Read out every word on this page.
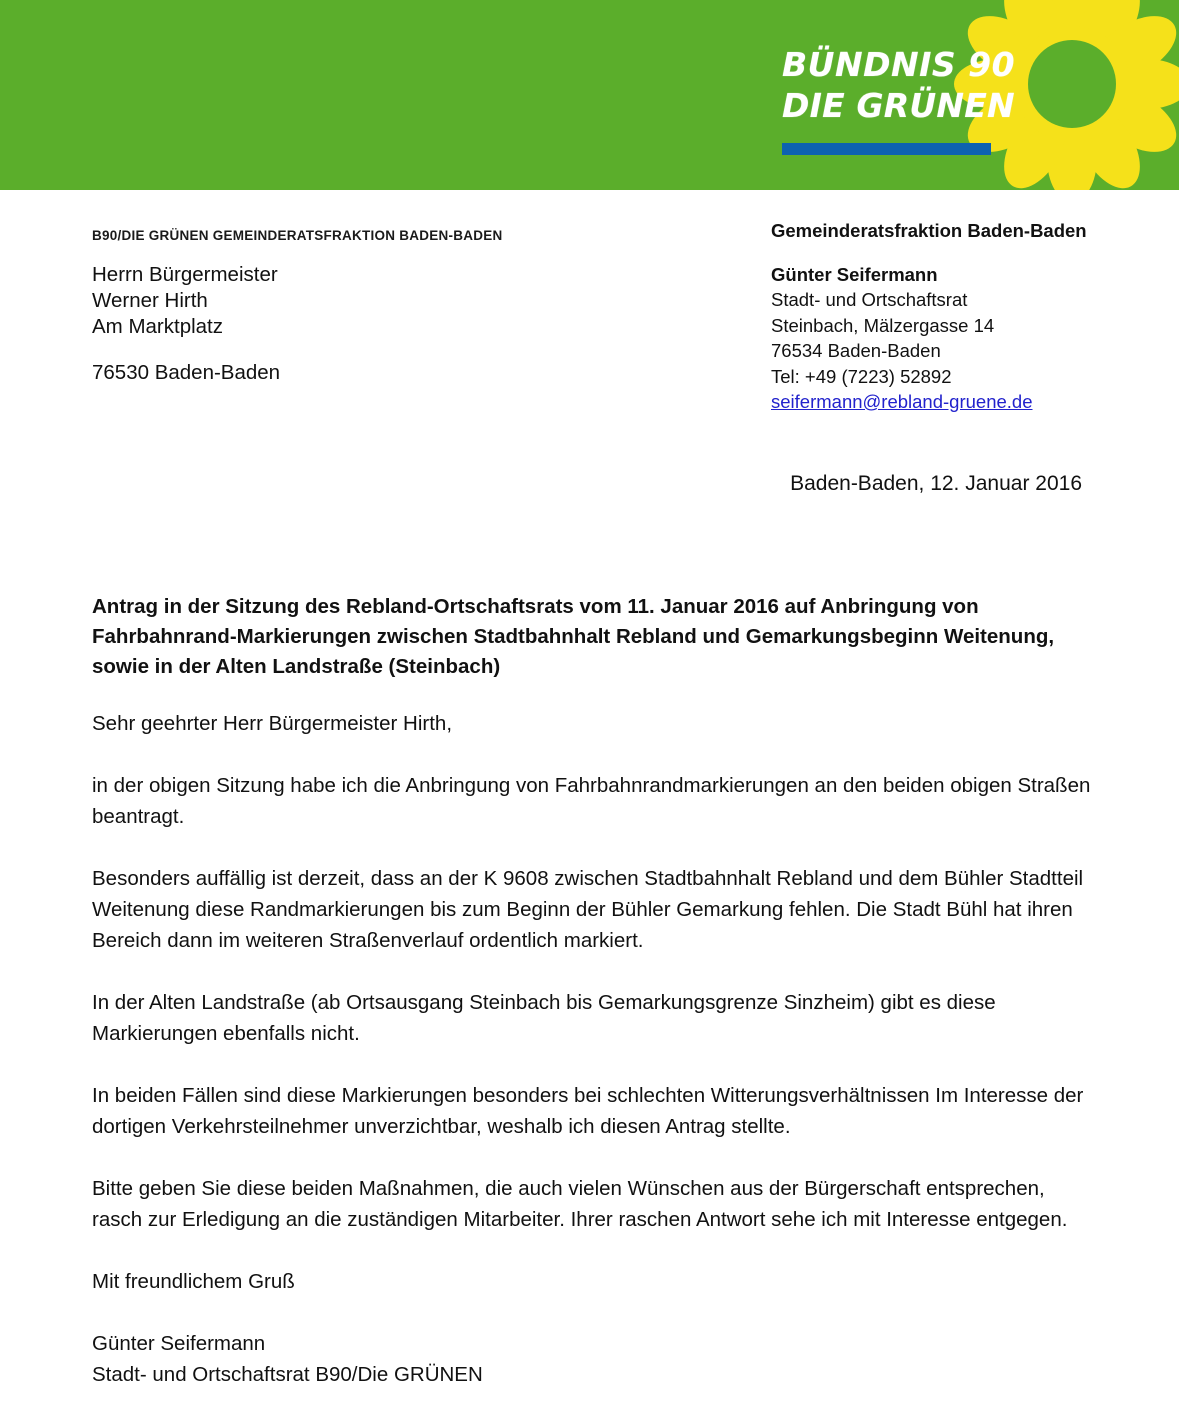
BÜNDNIS 90
DIE GRÜNEN
B90/DIE GRÜNEN GEMEINDERATSFRAKTION BADEN-BADEN
Herrn Bürgermeister
Werner Hirth
Am Marktplatz
76530 Baden-Baden
Gemeinderatsfraktion Baden-Baden
Günter Seifermann
Stadt- und Ortschaftsrat
Steinbach, Mälzergasse 14
76534 Baden-Baden
Tel: +49 (7223) 52892
seifermann@rebland-gruene.de
Baden-Baden, 12. Januar 2016
Antrag in der Sitzung des Rebland-Ortschaftsrats vom 11. Januar 2016 auf Anbringung von Fahrbahnrand-Markierungen zwischen Stadtbahnhalt Rebland und Gemarkungsbeginn Weitenung, sowie in der Alten Landstraße (Steinbach)

Sehr geehrter Herr Bürgermeister Hirth,

in der obigen Sitzung habe ich die Anbringung von Fahrbahnrandmarkierungen an den beiden obigen Straßen beantragt.

Besonders auffällig ist derzeit, dass an der K 9608 zwischen Stadtbahnhalt Rebland und dem Bühler Stadtteil Weitenung diese Randmarkierungen bis zum Beginn der Bühler Gemarkung fehlen. Die Stadt Bühl hat ihren Bereich dann im weiteren Straßenverlauf ordentlich markiert.

In der Alten Landstraße (ab Ortsausgang Steinbach bis Gemarkungsgrenze Sinzheim) gibt es diese Markierungen ebenfalls nicht.

In beiden Fällen sind diese Markierungen besonders bei schlechten Witterungsverhältnissen Im Interesse der dortigen Verkehrsteilnehmer unverzichtbar, weshalb ich diesen Antrag stellte.

Bitte geben Sie diese beiden Maßnahmen, die auch vielen Wünschen aus der Bürgerschaft entsprechen, rasch zur Erledigung an die zuständigen Mitarbeiter. Ihrer raschen Antwort sehe ich mit Interesse entgegen.

Mit freundlichem Gruß

Günter Seifermann

Stadt- und Ortschaftsrat B90/Die GRÜNEN
